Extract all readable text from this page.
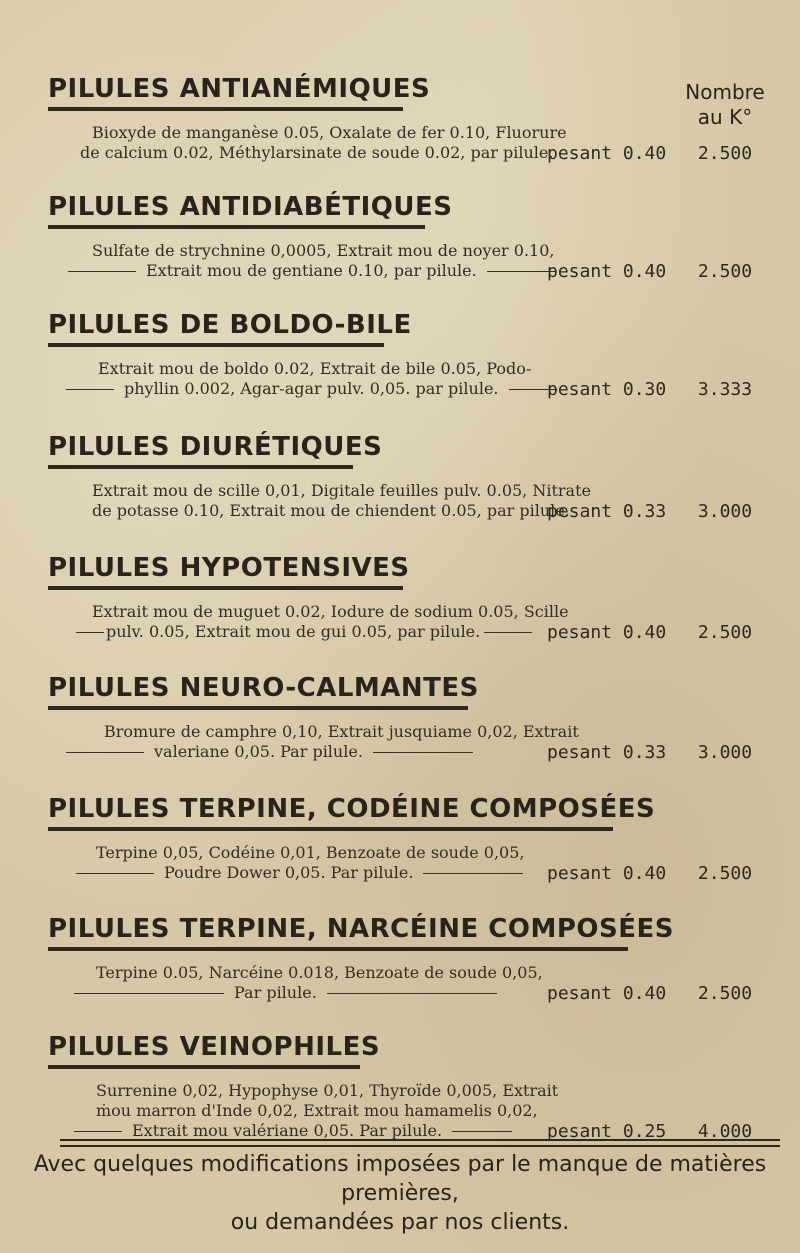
Nombre
au K°
PILULES ANTIANÉMIQUES
Bioxyde de manganèse 0.05, Oxalate de fer 0.10, Fluorure
de calcium 0.02, Méthylarsinate de soude 0.02, par pilule.
pesant 0.40	2.500
PILULES ANTIDIABÉTIQUES
Sulfate de strychnine 0,0005, Extrait mou de noyer 0.10,
Extrait mou de gentiane 0.10, par pilule.	pesant 0.40	2.500
PILULES DE BOLDO-BILE
Extrait mou de boldo 0.02, Extrait de bile 0.05, Podo-
phyllin 0.002, Agar-agar pulv. 0,05. par pilule.	pesant 0.30	3.333
PILULES DIURÉTIQUES
Extrait mou de scille 0,01, Digitale feuilles pulv. 0.05, Nitrate
de potasse 0.10, Extrait mou de chiendent 0.05, par pilule.
pesant 0.33	3.000
PILULES HYPOTENSIVES
Extrait mou de muguet 0.02, Iodure de sodium 0.05, Scille
pulv. 0.05, Extrait mou de gui 0.05, par pilule.	pesant 0.40	2.500
PILULES NEURO-CALMANTES
Bromure de camphre 0,10, Extrait jusquiame 0,02, Extrait
valeriane 0,05. Par pilule.	pesant 0.33	3.000
PILULES TERPINE, CODÉINE COMPOSÉES
Terpine 0,05, Codéine 0,01, Benzoate de soude 0,05,
Poudre Dower 0,05. Par pilule.	pesant 0.40	2.500
PILULES TERPINE, NARCÉINE COMPOSÉES
Terpine 0.05, Narcéine 0.018, Benzoate de soude 0,05,
Par pilule.	pesant 0.40	2.500
PILULES VEINOPHILES
Surrenine 0,02, Hypophyse 0,01, Thyroïde 0,005, Extrait
ṁou marron d'Inde 0,02, Extrait mou hamamelis 0,02,
Extrait mou valériane 0,05. Par pilule.	pesant 0.25	4.000
Avec quelques modifications imposées par le manque de matières premières,
ou demandées par nos clients.
